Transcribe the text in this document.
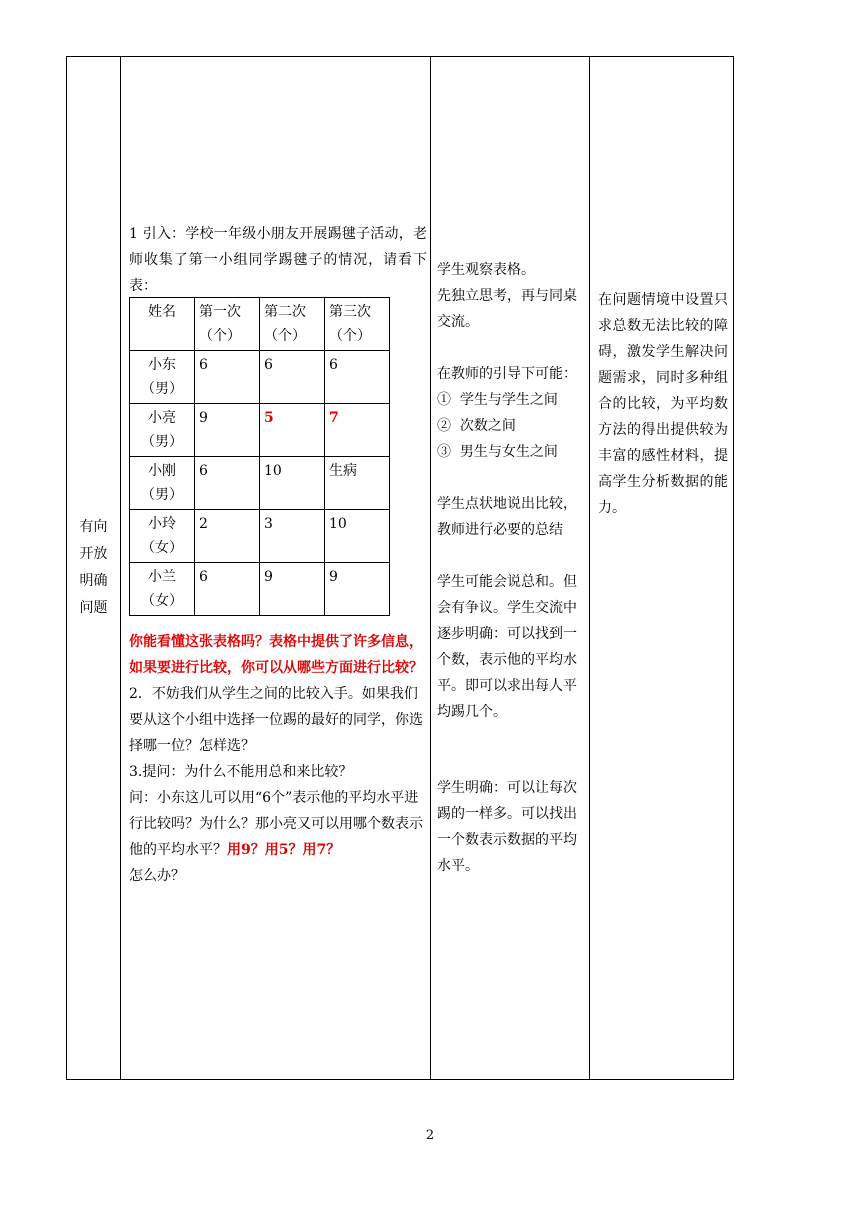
有向开放明确问题

1 引入：学校一年级小朋友开展踢毽子活动，老师收集了第一小组同学踢毽子的情况，请看下表：

姓名	第一次（个）	第二次（个）	第三次（个）
小东（男）	6	6	6
小亮（男）	9	5	7
小刚（男）	6	10	生病
小玲（女）	2	3	10
小兰（女）	6	9	9

你能看懂这张表格吗？表格中提供了许多信息，如果要进行比较，你可以从哪些方面进行比较？

2．不妨我们从学生之间的比较入手。如果我们要从这个小组中选择一位踢的最好的同学，你选择哪一位？怎样选？

3.提问：为什么不能用总和来比较？

问：小东这儿可以用“6个”表示他的平均水平进行比较吗？为什么？那小亮又可以用哪个数表示他的平均水平？用9？用5？用7？
怎么办？

学生观察表格。

先独立思考，再与同桌交流。

在教师的引导下可能：

① 学生与学生之间

② 次数之间

③ 男生与女生之间

学生点状地说出比较，教师进行必要的总结

学生可能会说总和。但会有争议。学生交流中逐步明确：可以找到一个数，表示他的平均水平。即可以求出每人平均踢几个。

学生明确：可以让每次踢的一样多。可以找出一个数表示数据的平均水平。

在问题情境中设置只求总数无法比较的障碍，激发学生解决问题需求，同时多种组合的比较，为平均数方法的得出提供较为丰富的感性材料，提高学生分析数据的能力。

2
